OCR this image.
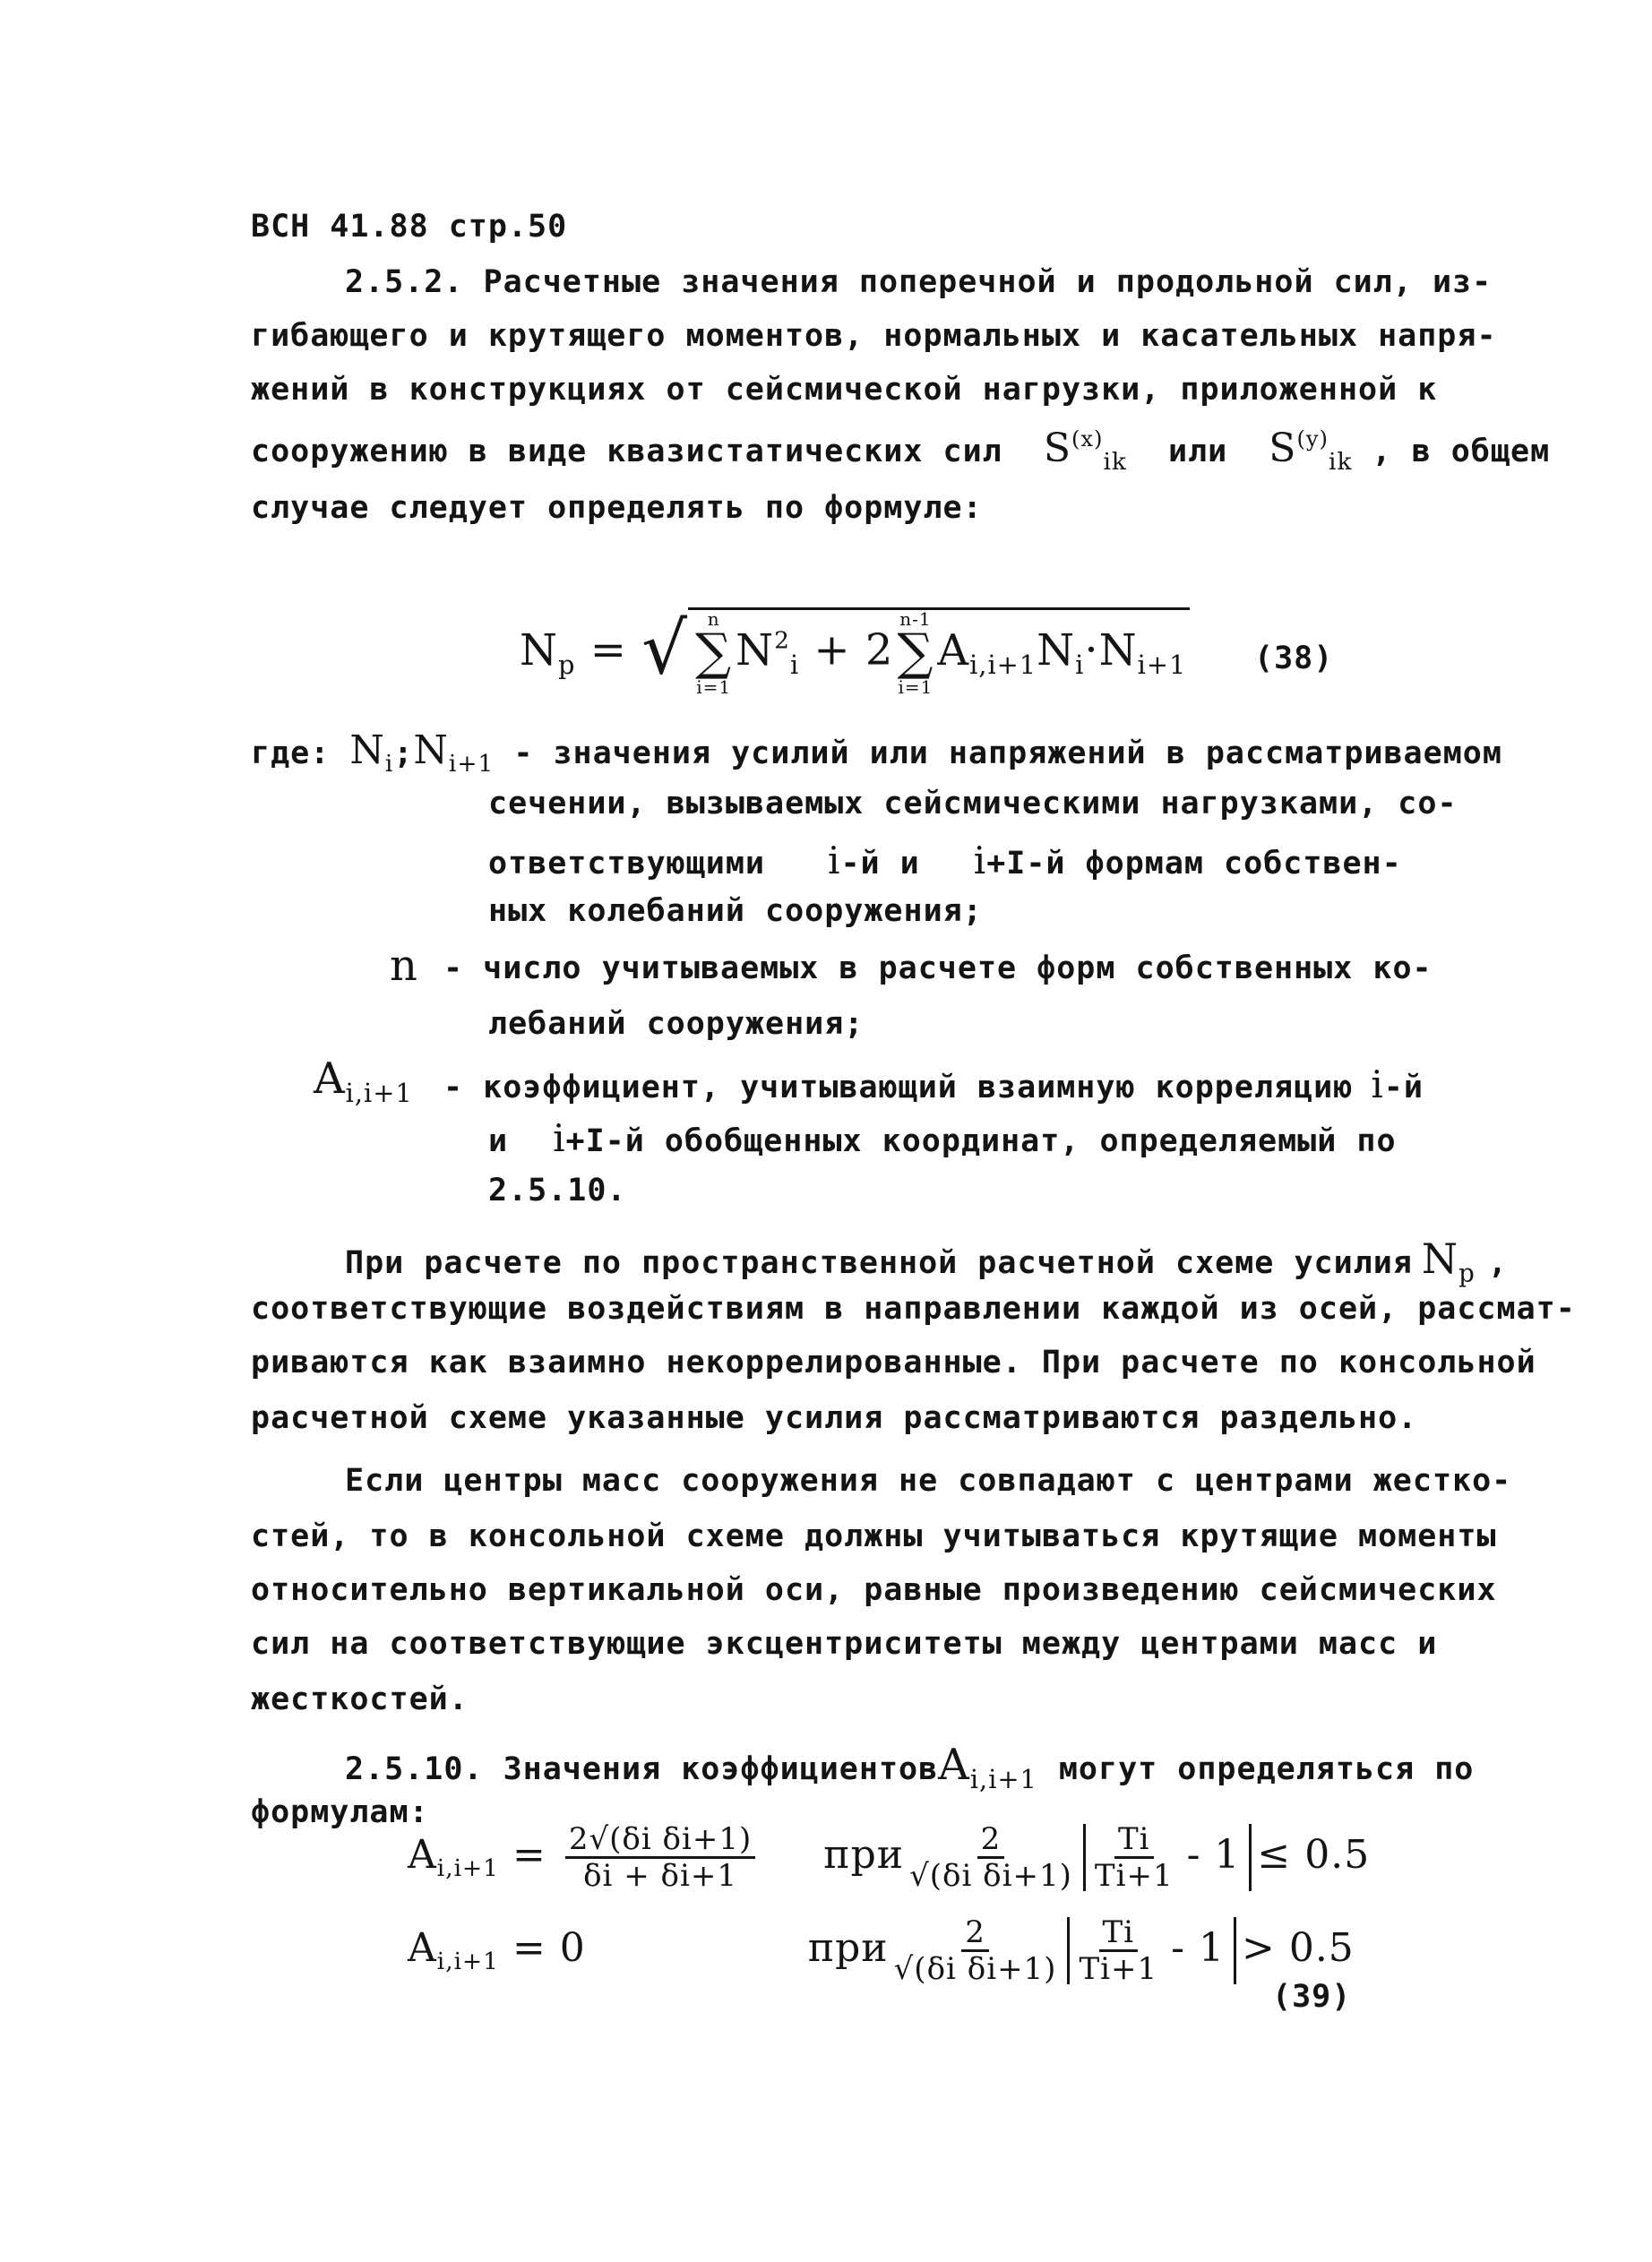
ВСН 41.88 стр.50
2.5.2. Расчетные значения поперечной и продольной сил, из-
гибающего и крутящего моментов, нормальных и касательных напря-
жений в конструкциях от сейсмической нагрузки, приложенной к
сооружению в виде квазистатических сил $S^{(x)}_{ik}$ или $S^{(y)}_{ik}$ , в общем
случае следует определять по формуле:
$N_p$ = √ n
∑
i=1
$N^2_i + 2$
n-1
∑
i=1
$A_{i,i+1}N_i\cdot N_{i+1}$ (38)
где: $N_i;N_{i+1}$ - значения усилий или напряжений в рассматриваемом
сечении, вызываемых сейсмическими нагрузками, со-
ответствующими i-й и i+I-й формам собствен-
ных колебаний сооружения;
n - число учитываемых в расчете форм собственных ко-
лебаний сооружения;
$A_{i,i+1}$ - коэффициент, учитывающий взаимную корреляцию i-й
и i+I-й обобщенных координат, определяемый по
2.5.10.
При расчете по пространственной расчетной схеме усилия $N_p$ ,
соответствующие воздействиям в направлении каждой из осей, рассмат-
риваются как взаимно некоррелированные. При расчете по консольной
расчетной схеме указанные усилия рассматриваются раздельно.
Если центры масс сооружения не совпадают с центрами жестко-
стей, то в консольной схеме должны учитываться крутящие моменты
относительно вертикальной оси, равные произведению сейсмических
сил на соответствующие эксцентриситеты между центрами масс и
жесткостей.
2.5.10. Значения коэффициентовA$_{i,i+1}$ могут определяться по
формулам:
$A_{i,i+1} = \frac{\text{2√(δi δi+1)}}{\delta i + \delta i+1}$ при $\frac{2}{\text{√(δi δi+1)}} \frac{Ti}{Ti+1} - 1 \le 0.5$
$A_{i,i+1} = 0$	при $\frac{2}{\text{√(δi δi+1)}} \frac{Ti}{Ti+1} - 1 > 0.5$
(39)
